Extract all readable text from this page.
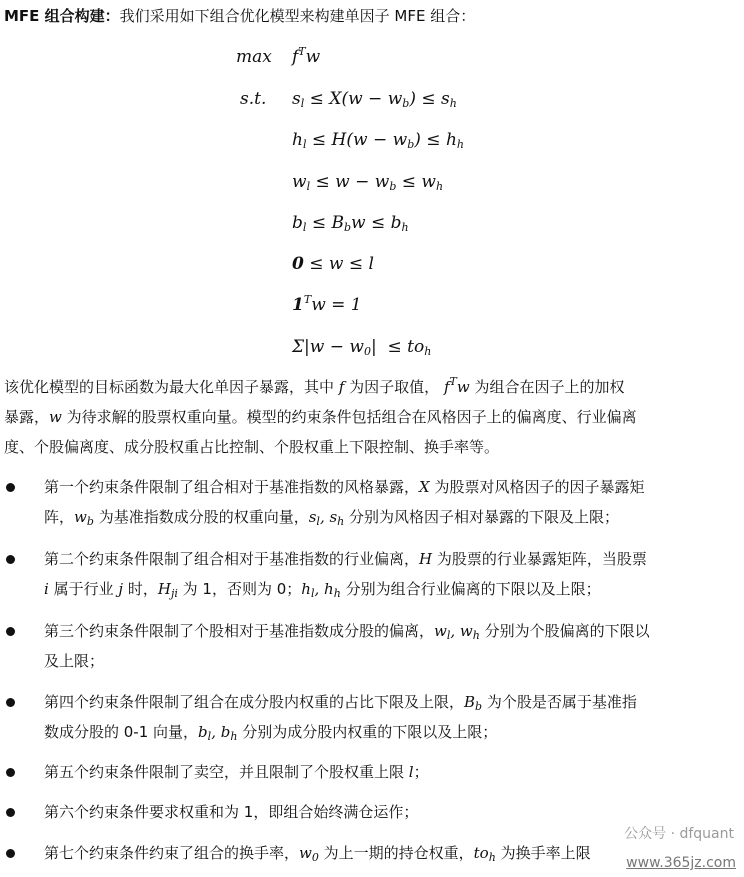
MFE 组合构建：我们采用如下组合优化模型来构建单因子 MFE 组合：
$\max f^Tw$
s.t. $s_l \le X(w - w_b) \le s_h$
$h_l \le H(w - w_b) \le h_h$
$w_l \le w - w_b \le w_h$
$b_l \le B_bw \le b_h$
0 ≤ w ≤ l
$1^Tw = 1$
$\Sigma|w - w_0| \le to_h$
该优化模型的目标函数为最大化单因子暴露，其中 f 为因子取值， $f^Tw$ 为组合在因子上的加权
暴露，w 为待求解的股票权重向量。模型的约束条件包括组合在风格因子上的偏离度、行业偏离
度、个股偏离度、成分股权重占比控制、个股权重上下限控制、换手率等。
第一个约束条件限制了组合相对于基准指数的风格暴露，X 为股票对风格因子的因子暴露矩
阵，$w_b$ 为基准指数成分股的权重向量，$s_l$, $s_h$ 分别为风格因子相对暴露的下限及上限；
第二个约束条件限制了组合相对于基准指数的行业偏离，H 为股票的行业暴露矩阵，当股票
i 属于行业 j 时，$H_{ji}$ 为 1，否则为 0；$h_l$, $h_h$ 分别为组合行业偏离的下限以及上限；
第三个约束条件限制了个股相对于基准指数成分股的偏离，$w_l$, $w_h$ 分别为个股偏离的下限以
及上限；
第四个约束条件限制了组合在成分股内权重的占比下限及上限，$B_b$ 为个股是否属于基准指
数成分股的 0-1 向量，$b_l$, $b_h$ 分别为成分股内权重的下限以及上限；
第五个约束条件限制了卖空，并且限制了个股权重上限 l；
第六个约束条件要求权重和为 1，即组合始终满仓运作；
第七个约束条件约束了组合的换手率，$w_0$ 为上一期的持仓权重，$to_h$ 为换手率上限
公众号 · dfquant
www.365jz.com
